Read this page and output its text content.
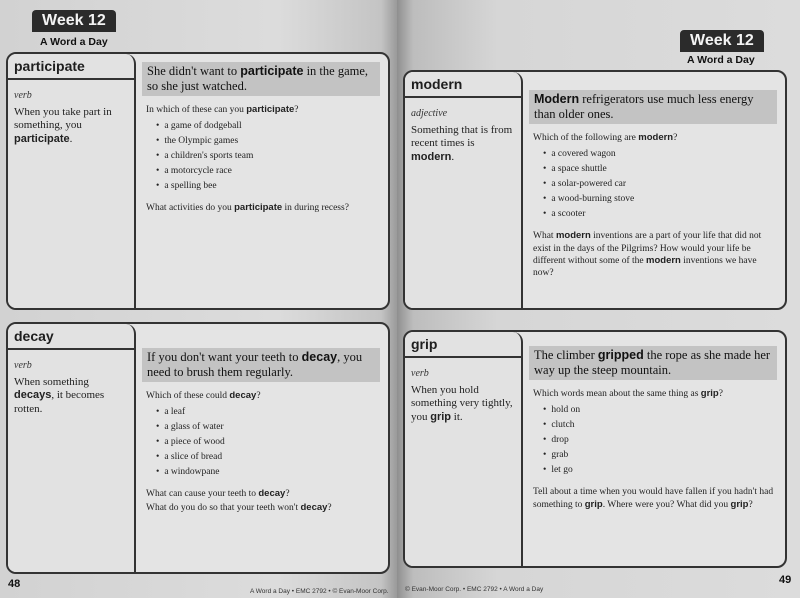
Week 12
A Word a Day
participate
verb
When you take part in something, you participate.
She didn't want to participate in the game, so she just watched.
In which of these can you participate?
• a game of dodgeball
• the Olympic games
• a children's sports team
• a motorcycle race
• a spelling bee
What activities do you participate in during recess?
decay
verb
When something decays, it becomes rotten.
If you don't want your teeth to decay, you need to brush them regularly.
Which of these could decay?
• a leaf
• a glass of water
• a piece of wood
• a slice of bread
• a windowpane
What can cause your teeth to decay?
What do you do so that your teeth won't decay?
48
A Word a Day • EMC 2792 • © Evan-Moor Corp.
Week 12
A Word a Day
modern
adjective
Something that is from recent times is modern.
Modern refrigerators use much less energy than older ones.
Which of the following are modern?
• a covered wagon
• a space shuttle
• a solar-powered car
• a wood-burning stove
• a scooter
What modern inventions are a part of your life that did not exist in the days of the Pilgrims? How would your life be different without some of the modern inventions we have now?
grip
verb
When you hold something very tightly, you grip it.
The climber gripped the rope as she made her way up the steep mountain.
Which words mean about the same thing as grip?
• hold on
• clutch
• drop
• grab
• let go
Tell about a time when you would have fallen if you hadn't had something to grip. Where were you? What did you grip?
49
© Evan-Moor Corp. • EMC 2792 • A Word a Day
